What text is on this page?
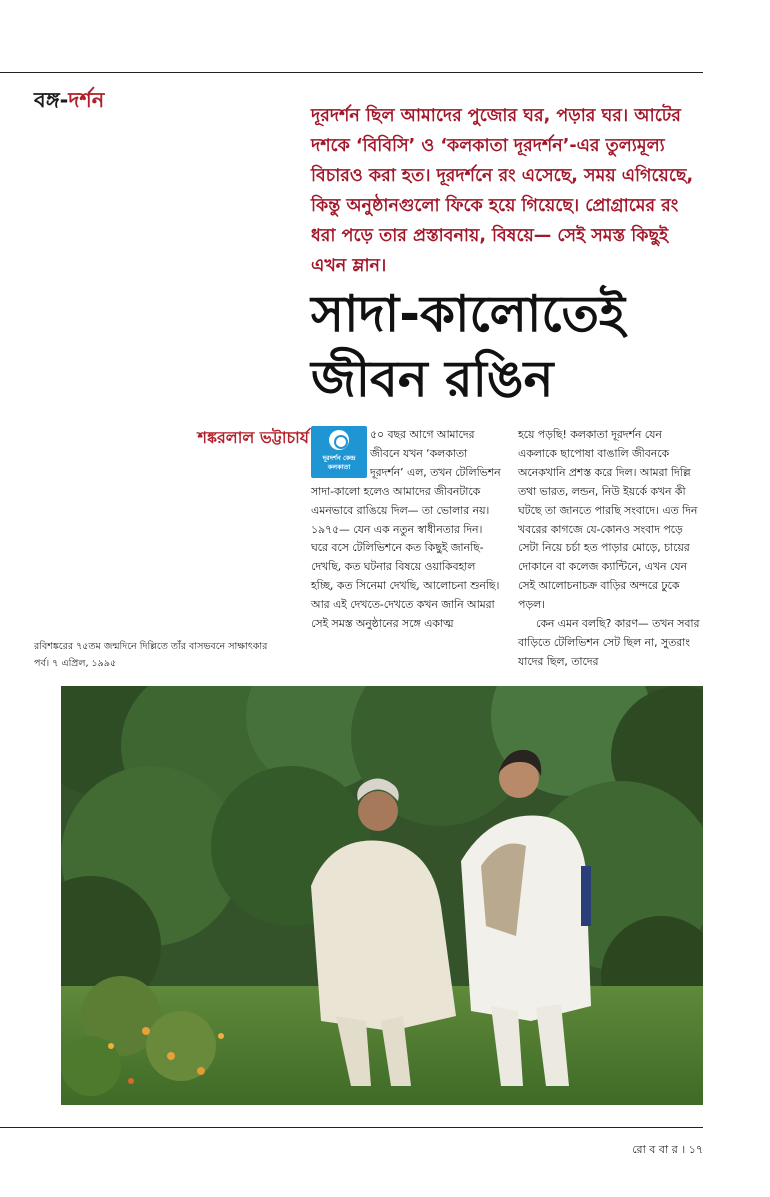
বঙ্গ-দর্শন
দূরদর্শন ছিল আমাদের পুজোর ঘর, পড়ার ঘর। আটের দশকে ‘বিবিসি’ ও ‘কলকাতা দূরদর্শন’-এর তুল্যমূল্য বিচারও করা হত। দূরদর্শনে রং এসেছে, সময় এগিয়েছে, কিন্তু অনুষ্ঠানগুলো ফিকে হয়ে গিয়েছে। প্রোগ্রামের রং ধরা পড়ে তার প্রস্তাবনায়, বিষয়ে— সেই সমস্ত কিছুই এখন ম্লান।
সাদা-কালোতেই
জীবন রঙিন
শঙ্করলাল ভট্টাচার্য	৫০ বছর আগে আমাদের জীবনে যখন ‘কলকাতা দূরদর্শন’ এল, তখন টেলিভিশন সাদা-কালো হলেও আমাদের জীবনটাকে এমনভাবে রাঙিয়ে দিল— তা ভোলার নয়। ১৯৭৫— যেন এক নতুন স্বাধীনতার দিন। ঘরে বসে টেলিভিশনে কত কিছুই জানছি-দেখছি, কত ঘটনার বিষয়ে ওয়াকিবহাল হচ্ছি, কত সিনেমা দেখছি, আলোচনা শুনছি। আর এই দেখতে-দেখতে কখন জানি আমরা সেই সমস্ত অনুষ্ঠানের সঙ্গে একাত্ম

দূরদর্শন কেন্দ্র
কলকাতা

হয়ে পড়ছি! কলকাতা দূরদর্শন যেন একলাকে ছাপোষা বাঙালি জীবনকে অনেকখানি প্রশস্ত করে দিল। আমরা দিল্লি তথা ভারত, লন্ডন, নিউ ইয়র্কে কখন কী ঘটছে তা জানতে পারছি সংবাদে। এত দিন খবরের কাগজে যে-কোনও সংবাদ পড়ে সেটা নিয়ে চর্চা হত পাড়ার মোড়ে, চায়ের দোকানে বা কলেজ ক্যান্টিনে, এখন যেন সেই আলোচনাচক্র বাড়ির অন্দরে ঢুকে পড়ল।

কেন এমন বলছি? কারণ— তখন সবার বাড়িতে টেলিভিশন সেট ছিল না, সুতরাং যাদের ছিল, তাদের

রবিশঙ্করের ৭৫তম জন্মদিনে দিল্লিতে তাঁর বাসভবনে সাক্ষাৎকার পর্ব। ৭ এপ্রিল, ১৯৯৫
রো ব বা র । ১৭
